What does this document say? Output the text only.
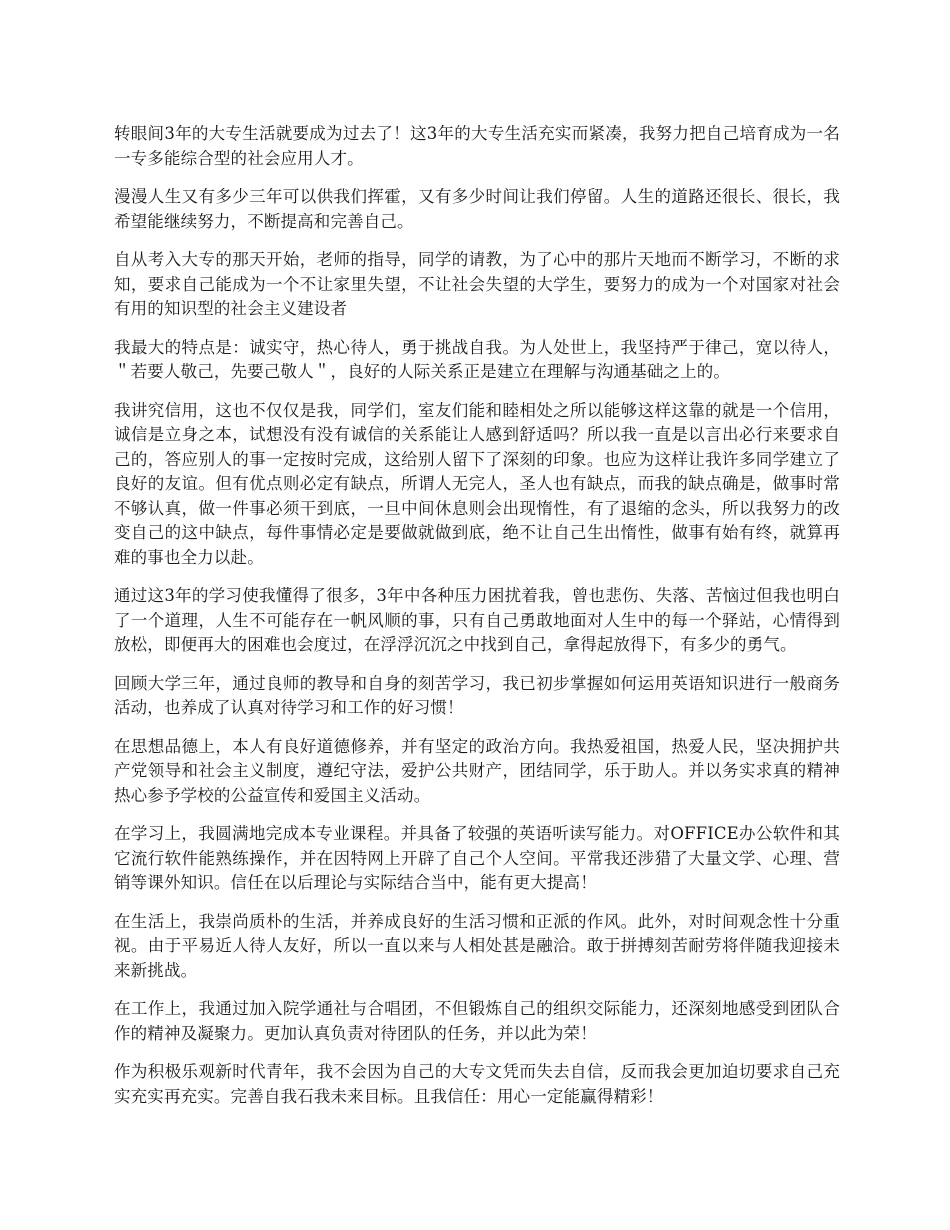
转眼间3年的大专生活就要成为过去了！这3年的大专生活充实而紧凑，我努力把自己培育成为一名一专多能综合型的社会应用人才。

漫漫人生又有多少三年可以供我们挥霍，又有多少时间让我们停留。人生的道路还很长、很长，我希望能继续努力，不断提高和完善自己。

自从考入大专的那天开始，老师的指导，同学的请教，为了心中的那片天地而不断学习，不断的求知，要求自己能成为一个不让家里失望，不让社会失望的大学生，要努力的成为一个对国家对社会有用的知识型的社会主义建设者

我最大的特点是：诚实守，热心待人，勇于挑战自我。为人处世上，我坚持严于律己，宽以待人，＂若要人敬己，先要己敬人＂，良好的人际关系正是建立在理解与沟通基础之上的。

我讲究信用，这也不仅仅是我，同学们，室友们能和睦相处之所以能够这样这靠的就是一个信用，诚信是立身之本，试想没有没有诚信的关系能让人感到舒适吗？所以我一直是以言出必行来要求自己的，答应别人的事一定按时完成，这给别人留下了深刻的印象。也应为这样让我许多同学建立了良好的友谊。但有优点则必定有缺点，所谓人无完人，圣人也有缺点，而我的缺点确是，做事时常不够认真，做一件事必须干到底，一旦中间休息则会出现惰性，有了退缩的念头，所以我努力的改变自己的这中缺点，每件事情必定是要做就做到底，绝不让自己生出惰性，做事有始有终，就算再难的事也全力以赴。

通过这3年的学习使我懂得了很多，3年中各种压力困扰着我，曾也悲伤、失落、苦恼过但我也明白了一个道理，人生不可能存在一帆风顺的事，只有自己勇敢地面对人生中的每一个驿站，心情得到放松，即便再大的困难也会度过，在浮浮沉沉之中找到自己，拿得起放得下，有多少的勇气。

回顾大学三年，通过良师的教导和自身的刻苦学习，我已初步掌握如何运用英语知识进行一般商务活动，也养成了认真对待学习和工作的好习惯！

在思想品德上，本人有良好道德修养，并有坚定的政治方向。我热爱祖国，热爱人民，坚决拥护共产党领导和社会主义制度，遵纪守法，爱护公共财产，团结同学，乐于助人。并以务实求真的精神热心参予学校的公益宣传和爱国主义活动。

在学习上，我圆满地完成本专业课程。并具备了较强的英语听读写能力。对OFFICE办公软件和其它流行软件能熟练操作，并在因特网上开辟了自己个人空间。平常我还涉猎了大量文学、心理、营销等课外知识。信任在以后理论与实际结合当中，能有更大提高！

在生活上，我崇尚质朴的生活，并养成良好的生活习惯和正派的作风。此外，对时间观念性十分重视。由于平易近人待人友好，所以一直以来与人相处甚是融洽。敢于拼搏刻苦耐劳将伴随我迎接未来新挑战。

在工作上，我通过加入院学通社与合唱团，不但锻炼自己的组织交际能力，还深刻地感受到团队合作的精神及凝聚力。更加认真负责对待团队的任务，并以此为荣！

作为积极乐观新时代青年，我不会因为自己的大专文凭而失去自信，反而我会更加迫切要求自己充实充实再充实。完善自我石我未来目标。且我信任：用心一定能赢得精彩！
